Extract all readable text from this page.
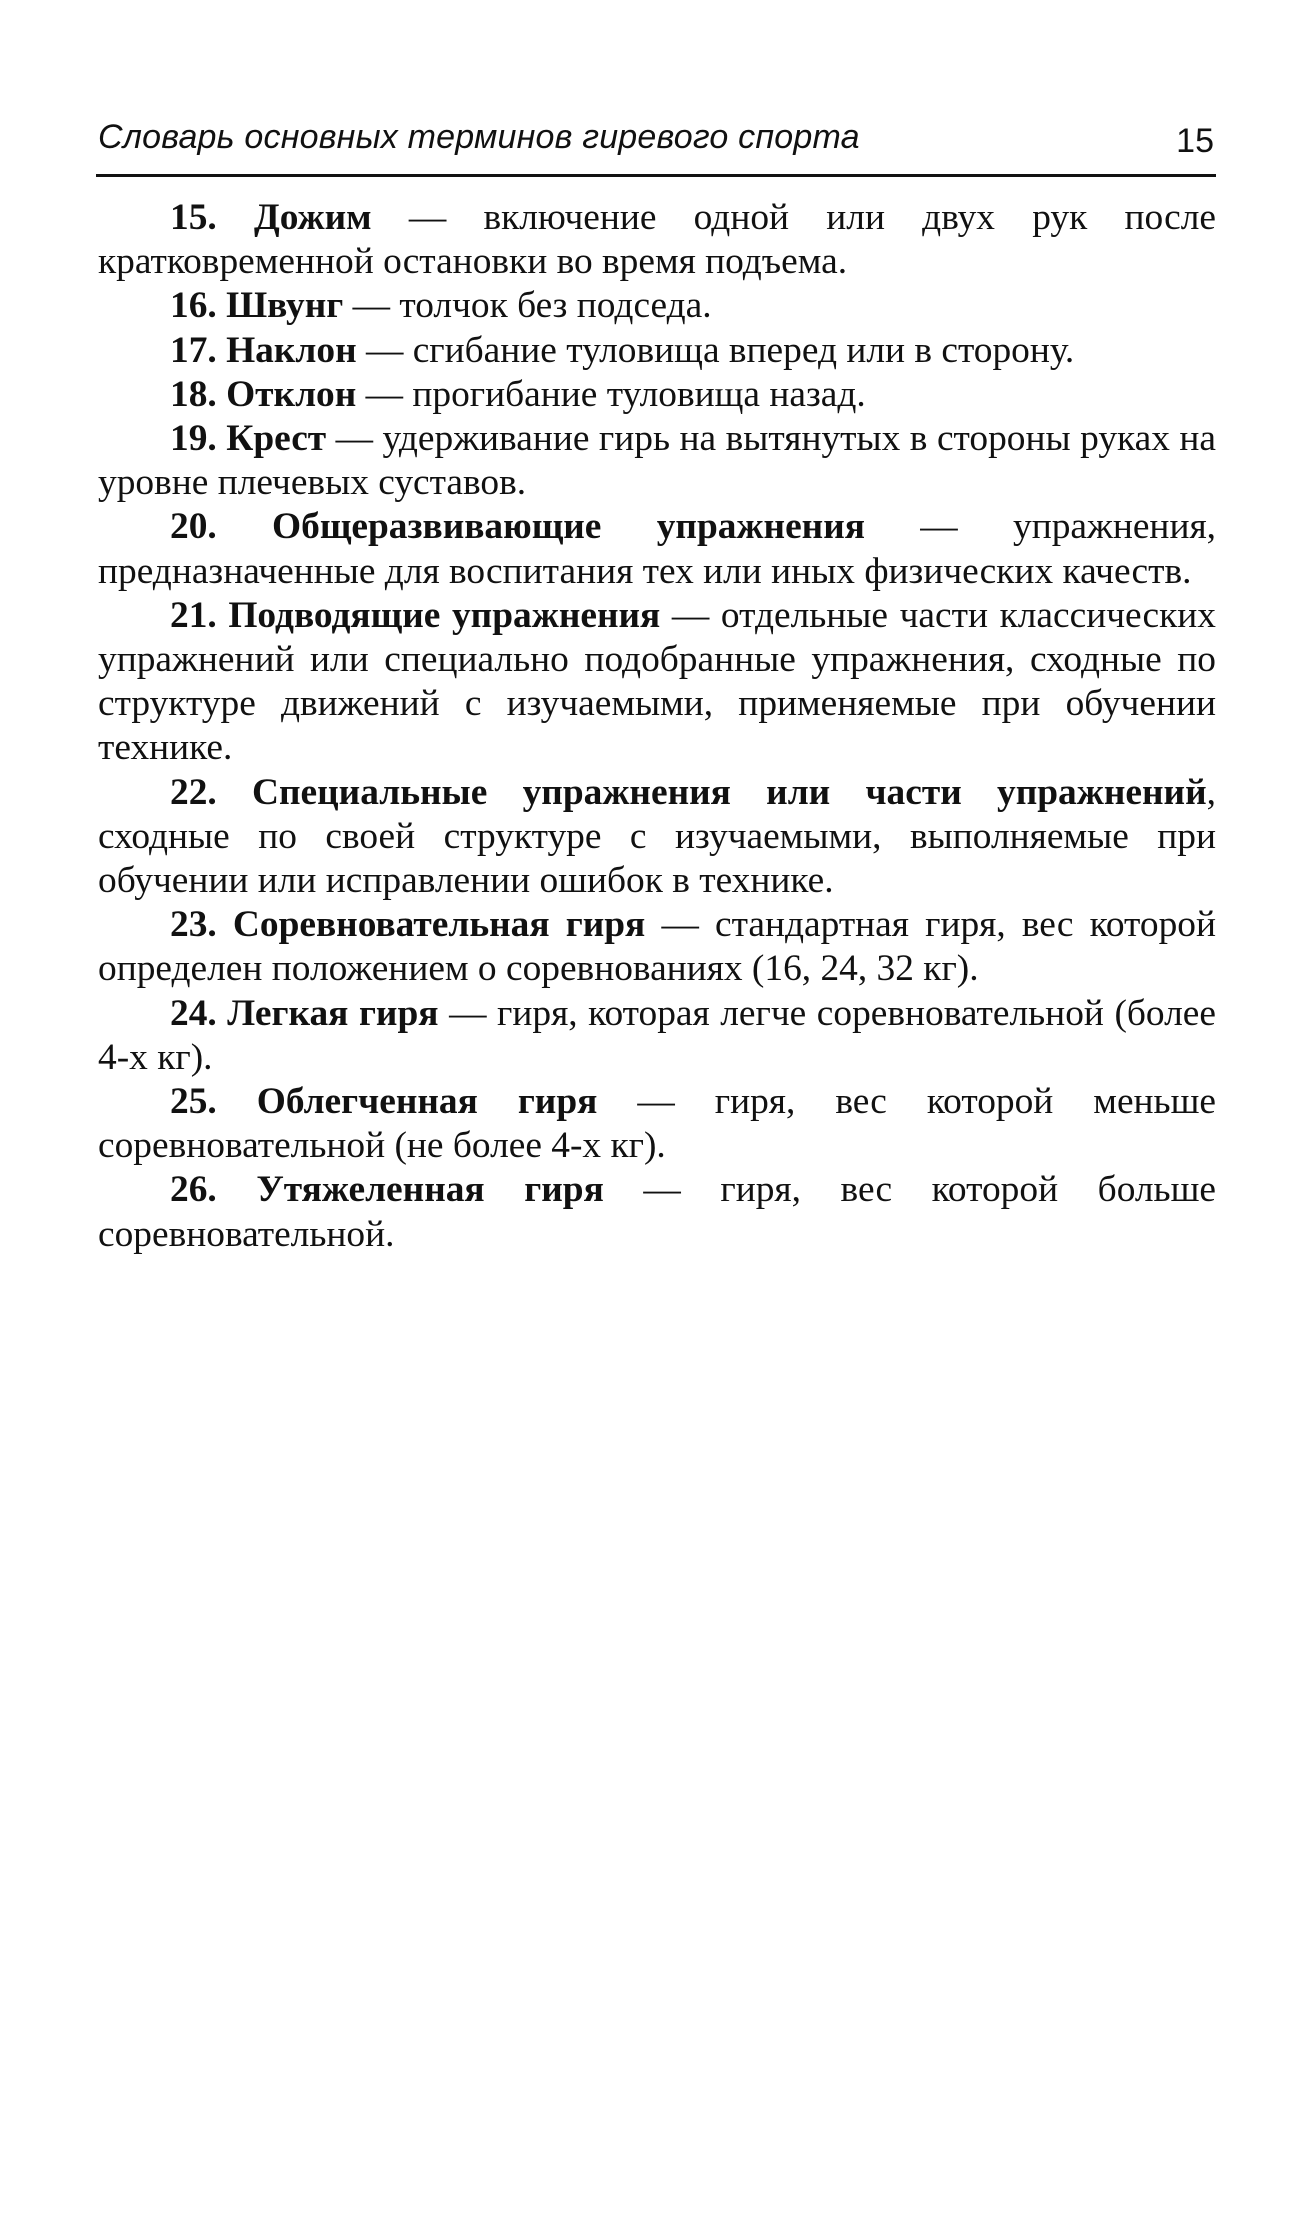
Словарь основных терминов гиревого спорта	15

15. Дожим — включение одной или двух рук после кратковременной остановки во время подъема.

16. Швунг — толчок без подседа.

17. Наклон — сгибание туловища вперед или в сторону.

18. Отклон — прогибание туловища назад.

19. Крест — удерживание гирь на вытянутых в стороны руках на уровне плечевых суставов.

20. Общеразвивающие упражнения — упражнения, предназначенные для воспитания тех или иных физических качеств.

21. Подводящие упражнения — отдельные части классических упражнений или специально подобранные упражнения, сходные по структуре движений с изучаемыми, применяемые при обучении технике.

22. Специальные упражнения или части упражнений, сходные по своей структуре с изучаемыми, выполняемые при обучении или исправлении ошибок в технике.

23. Соревновательная гиря — стандартная гиря, вес которой определен положением о соревнованиях (16, 24, 32 кг).

24. Легкая гиря — гиря, которая легче соревновательной (более 4-х кг).

25. Облегченная гиря — гиря, вес которой меньше соревновательной (не более 4-х кг).

26. Утяжеленная гиря — гиря, вес которой больше соревновательной.
